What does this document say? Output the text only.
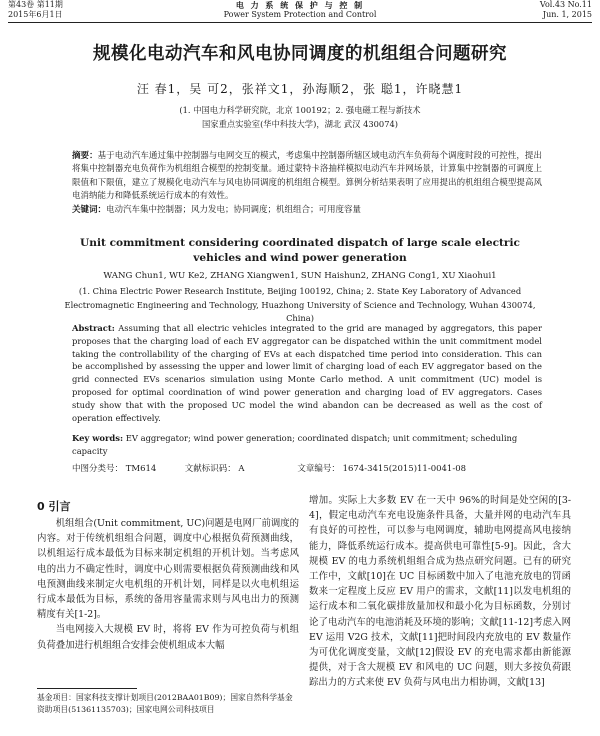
第43卷 第11期
2015年6月1日
电 力 系 统 保 护 与 控 制
Power System Protection and Control
Vol.43 No.11
Jun. 1, 2015
规模化电动汽车和风电协同调度的机组组合问题研究
汪 春1，吴 可2，张祥文1，孙海顺2，张 聪1，许晓慧1
(1. 中国电力科学研究院，北京 100192；2. 强电磁工程与新技术
国家重点实验室(华中科技大学)，湖北 武汉 430074)
摘要：基于电动汽车通过集中控制器与电网交互的模式，考虑集中控制器所辖区域电动汽车负荷每个调度时段的可控性，提出将集中控制器充电负荷作为机组组合模型的控制变量。通过蒙特卡洛抽样模拟电动汽车并网场景，计算集中控制器的可调度上限值和下限值，建立了规模化电动汽车与风电协同调度的机组组合模型。算例分析结果表明了应用提出的机组组合模型提高风电消纳能力和降低系统运行成本的有效性。
关键词：电动汽车集中控制器；风力发电；协同调度；机组组合；可用度容量
Unit commitment considering coordinated dispatch of large scale electric vehicles and wind power generation
WANG Chun1, WU Ke2, ZHANG Xiangwen1, SUN Haishun2, ZHANG Cong1, XU Xiaohui1
(1. China Electric Power Research Institute, Beijing 100192, China; 2. State Key Laboratory of Advanced Electromagnetic Engineering and Technology, Huazhong University of Science and Technology, Wuhan 430074, China)
Abstract: Assuming that all electric vehicles integrated to the grid are managed by aggregators, this paper proposes that the charging load of each EV aggregator can be dispatched within the unit commitment model taking the controllability of the charging of EVs at each dispatched time period into consideration. This can be accomplished by assessing the upper and lower limit of charging load of each EV aggregator based on the grid connected EVs scenarios simulation using Monte Carlo method. A unit commitment (UC) model is proposed for optimal coordination of wind power generation and charging load of EV aggregators. Cases study show that with the proposed UC model the wind abandon can be decreased as well as the cost of operation effectively.
Key words: EV aggregator; wind power generation; coordinated dispatch; unit commitment; scheduling capacity
中图分类号： TM614	文献标识码： A	文章编号： 1674-3415(2015)11-0041-08
0 引言

机组组合(Unit commitment, UC)问题是电网厂前调度的内容。对于传统机组组合问题，调度中心根据负荷预测曲线，以机组运行成本最低为目标来制定机组的开机计划。当考虑风电的出力不确定性时，调度中心则需要根据负荷预测曲线和风电预测曲线来制定火电机组的开机计划，同样是以火电机组运行成本最低为目标，系统的备用容量需求则与风电出力的预测精度有关[1-2]。

当电网接入大规模 EV 时，将将 EV 作为可控负荷与机组负荷叠加进行机组组合安排会使机组成本大幅

增加。实际上大多数 EV 在一天中 96%的时间是处空闲的[3-4]，假定电动汽车充电设施条件具备，大量并网的电动汽车具有良好的可控性，可以参与电网调度，辅助电网提高风电接纳能力，降低系统运行成本。提高供电可靠性[5-9]。因此，含大规模 EV 的电力系统机组组合成为热点研究问题。已有的研究工作中，文献[10]在 UC 目标函数中加入了电池充放电的罚函数来一定程度上反应 EV 用户的需求，文献[11]以发电机组的运行成本和二氧化碳排放量加权和最小化为目标函数，分别讨论了电动汽车的电池消耗及环境的影响；文献[11-12]考虑入网 EV 运用 V2G 技术，文献[11]把时间段内充放电的 EV 数量作为可优化调度变量，文献[12]假设 EV 的充电需求都由新能源提供，对于含大规模 EV 和风电的 UC 问题，则大多按负荷跟踪出力的方式来使 EV 负荷与风电出力相协调，文献[13]

基金项目：国家科技支撑计划项目(2012BAA01B09)；国家自然科学基金资助项目(51361135703)；国家电网公司科技项目
